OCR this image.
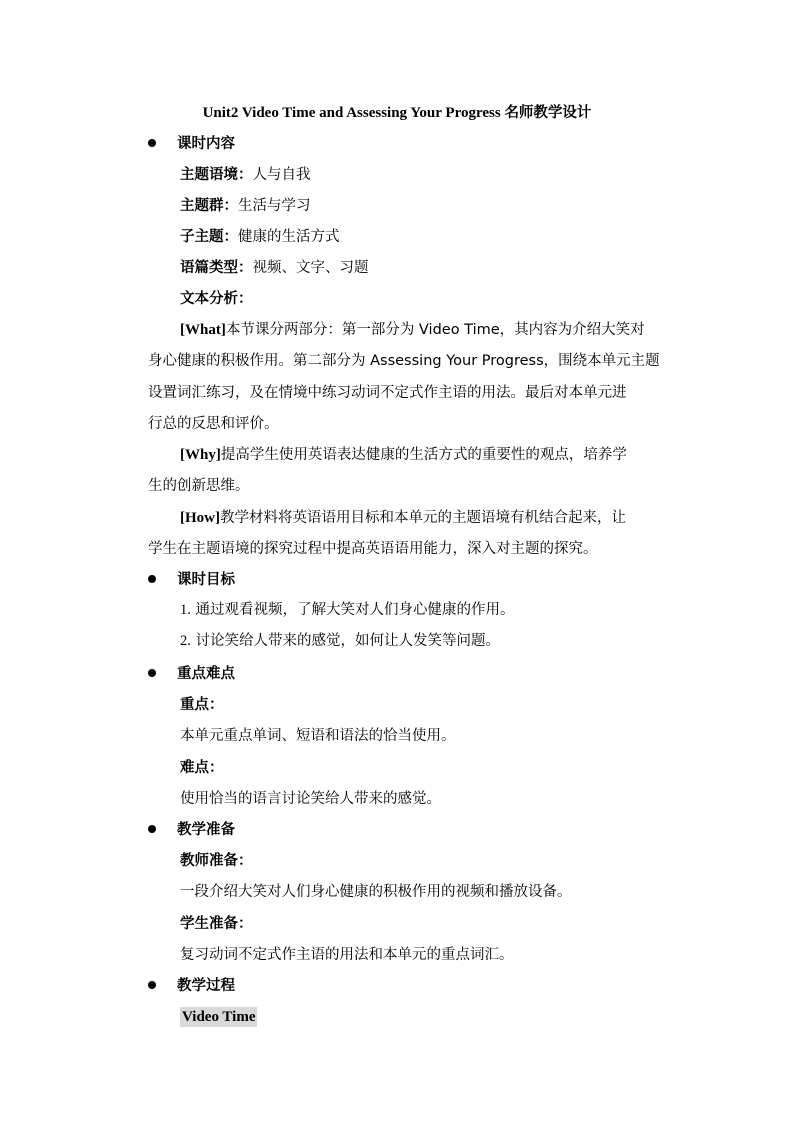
Unit2 Video Time and Assessing Your Progress 名师教学设计
课时内容
主题语境：人与自我
主题群：生活与学习
子主题：健康的生活方式
语篇类型：视频、文字、习题
文本分析：
[What]本节课分两部分：第一部分为 Video Time，其内容为介绍大笑对
身心健康的积极作用。第二部分为 Assessing Your Progress，围绕本单元主题
设置词汇练习，及在情境中练习动词不定式作主语的用法。最后对本单元进
行总的反思和评价。
[Why]提高学生使用英语表达健康的生活方式的重要性的观点，培养学
生的创新思维。
[How]教学材料将英语语用目标和本单元的主题语境有机结合起来，让
学生在主题语境的探究过程中提高英语语用能力，深入对主题的探究。
课时目标
1. 通过观看视频，了解大笑对人们身心健康的作用。
2. 讨论笑给人带来的感觉，如何让人发笑等问题。
重点难点
重点：
本单元重点单词、短语和语法的恰当使用。
难点：
使用恰当的语言讨论笑给人带来的感觉。
教学准备
教师准备：
一段介绍大笑对人们身心健康的积极作用的视频和播放设备。
学生准备：
复习动词不定式作主语的用法和本单元的重点词汇。
教学过程
Video Time
